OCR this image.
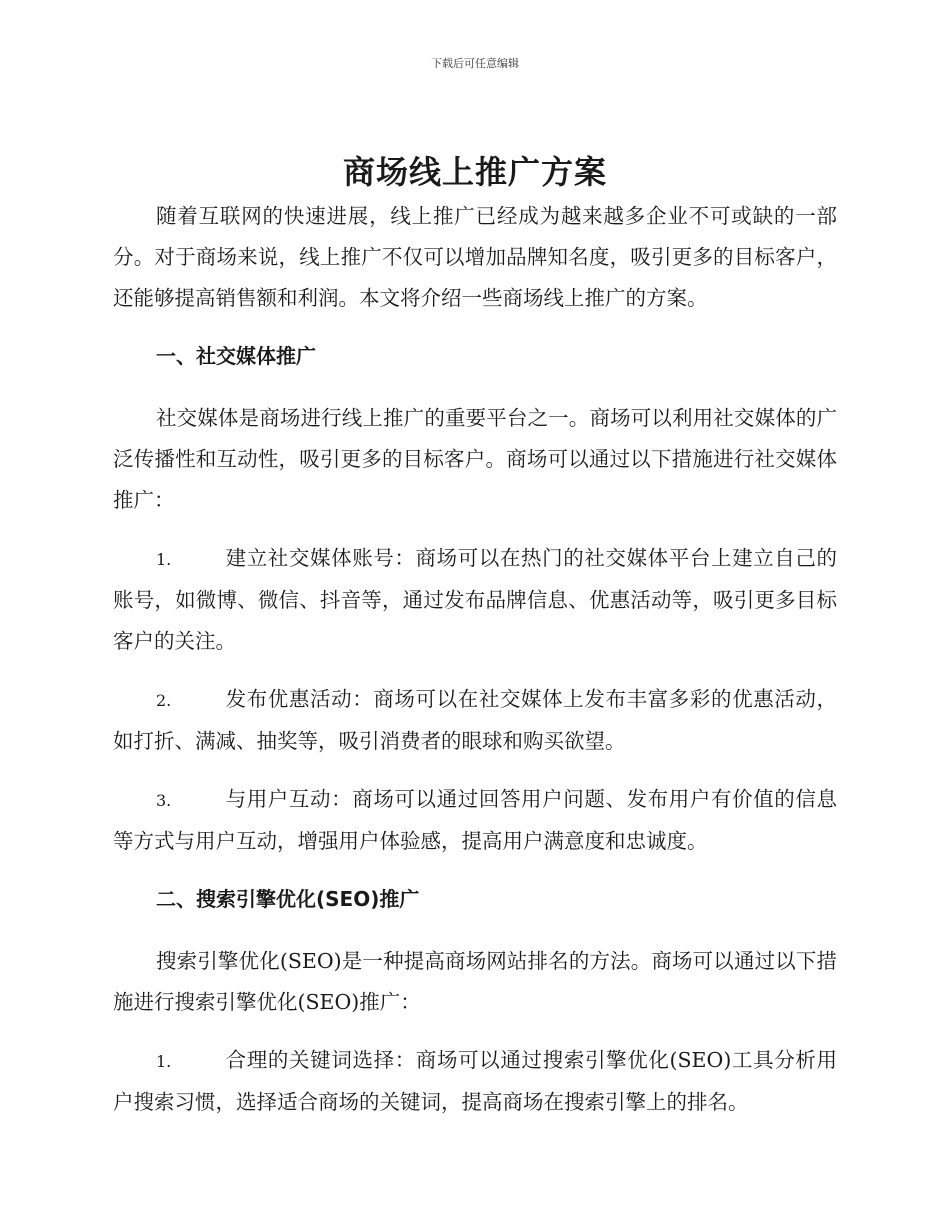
下载后可任意编辑
商场线上推广方案

随着互联网的快速进展，线上推广已经成为越来越多企业不可或缺的一部分。对于商场来说，线上推广不仅可以增加品牌知名度，吸引更多的目标客户，还能够提高销售额和利润。本文将介绍一些商场线上推广的方案。

一、社交媒体推广

社交媒体是商场进行线上推广的重要平台之一。商场可以利用社交媒体的广泛传播性和互动性，吸引更多的目标客户。商场可以通过以下措施进行社交媒体推广：

1.	建立社交媒体账号：商场可以在热门的社交媒体平台上建立自己的账号，如微博、微信、抖音等，通过发布品牌信息、优惠活动等，吸引更多目标客户的关注。

2.	发布优惠活动：商场可以在社交媒体上发布丰富多彩的优惠活动，如打折、满减、抽奖等，吸引消费者的眼球和购买欲望。

3.	与用户互动：商场可以通过回答用户问题、发布用户有价值的信息等方式与用户互动，增强用户体验感，提高用户满意度和忠诚度。

二、搜索引擎优化(SEO)推广

搜索引擎优化(SEO)是一种提高商场网站排名的方法。商场可以通过以下措施进行搜索引擎优化(SEO)推广：

1.	合理的关键词选择：商场可以通过搜索引擎优化(SEO)工具分析用户搜索习惯，选择适合商场的关键词，提高商场在搜索引擎上的排名。
